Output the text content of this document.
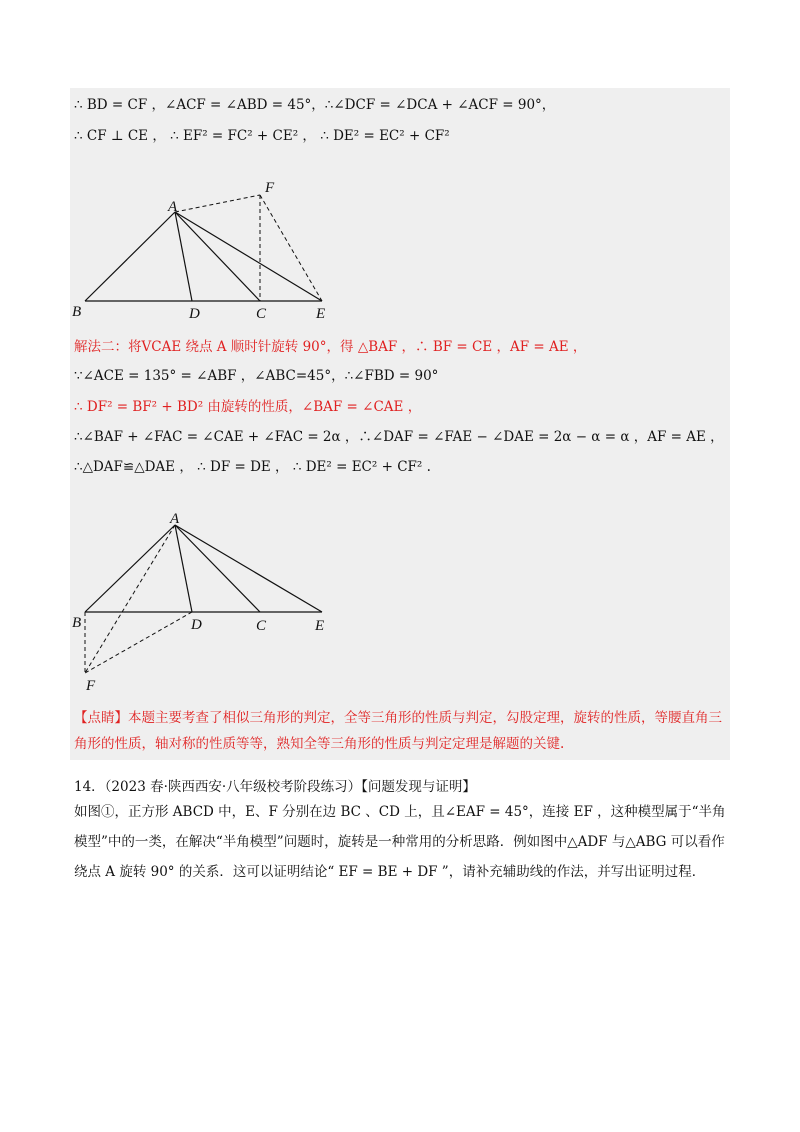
∴ BD = CF ，∠ACF = ∠ABD = 45°，∴∠DCF = ∠DCA + ∠ACF = 90°，
∴ CF ⊥ CE ， ∴ EF² = FC² + CE² ， ∴ DE² = EC² + CF²
A
F
B	D	C	E
解法二：将VCAE 绕点 A 顺时针旋转 90°，得 △BAF ，∴ BF = CE ，AF = AE ，
∵∠ACE = 135° = ∠ABF ，∠ABC=45°，∴∠FBD = 90°
∴ DF² = BF² + BD² 由旋转的性质，∠BAF = ∠CAE ，
∴∠BAF + ∠FAC = ∠CAE + ∠FAC = 2α ，∴∠DAF = ∠FAE − ∠DAE = 2α − α = α ，AF = AE ，
∴△DAF≌△DAE ， ∴ DF = DE ， ∴ DE² = EC² + CF² .
A
B	D	C	E
F
【点睛】本题主要考查了相似三角形的判定，全等三角形的性质与判定，勾股定理，旋转的性质，等腰直角三角形的性质，轴对称的性质等等，熟知全等三角形的性质与判定定理是解题的关键.
14．（2023 春·陕西西安·八年级校考阶段练习）【问题发现与证明】
如图①，正方形 ABCD 中，E、F 分别在边 BC 、CD 上，且∠EAF = 45°，连接 EF ，这种模型属于“半角模型”中的一类，在解决“半角模型”问题时，旋转是一种常用的分析思路．例如图中△ADF 与△ABG 可以看作绕点 A 旋转 90° 的关系．这可以证明结论“ EF = BE + DF ”，请补充辅助线的作法，并写出证明过程．
